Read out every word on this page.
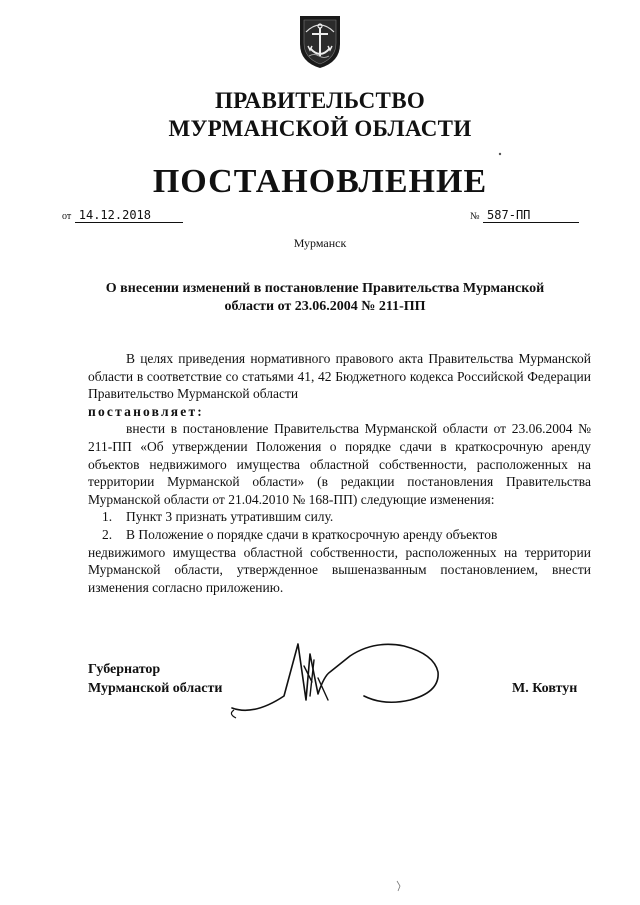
ПРАВИТЕЛЬСТВО
МУРМАНСКОЙ ОБЛАСТИ
ПОСТАНОВЛЕНИЕ
от 14.12.2018	№ 587-ПП
Мурманск
О внесении изменений в постановление Правительства Мурманской
области от 23.06.2004 № 211-ПП

В целях приведения нормативного правового акта Правительства Мурманской области в соответствие со статьями 41, 42 Бюджетного кодекса Российской Федерации Правительство Мурманской области

постановляет:

внести в постановление Правительства Мурманской области от 23.06.2004 № 211-ПП «Об утверждении Положения о порядке сдачи в краткосрочную аренду объектов недвижимого имущества областной собственности, расположенных на территории Мурманской области» (в редакции постановления Правительства Мурманской области от 21.04.2010 № 168-ПП) следующие изменения:

1.	Пункт 3 признать утратившим силу.
2.	В Положение о порядке сдачи в краткосрочную аренду объектов

недвижимого имущества областной собственности, расположенных на территории Мурманской области, утвержденное вышеназванным постановлением, внести изменения согласно приложению.

Губернатор
Мурманской области	М. Ковтун
